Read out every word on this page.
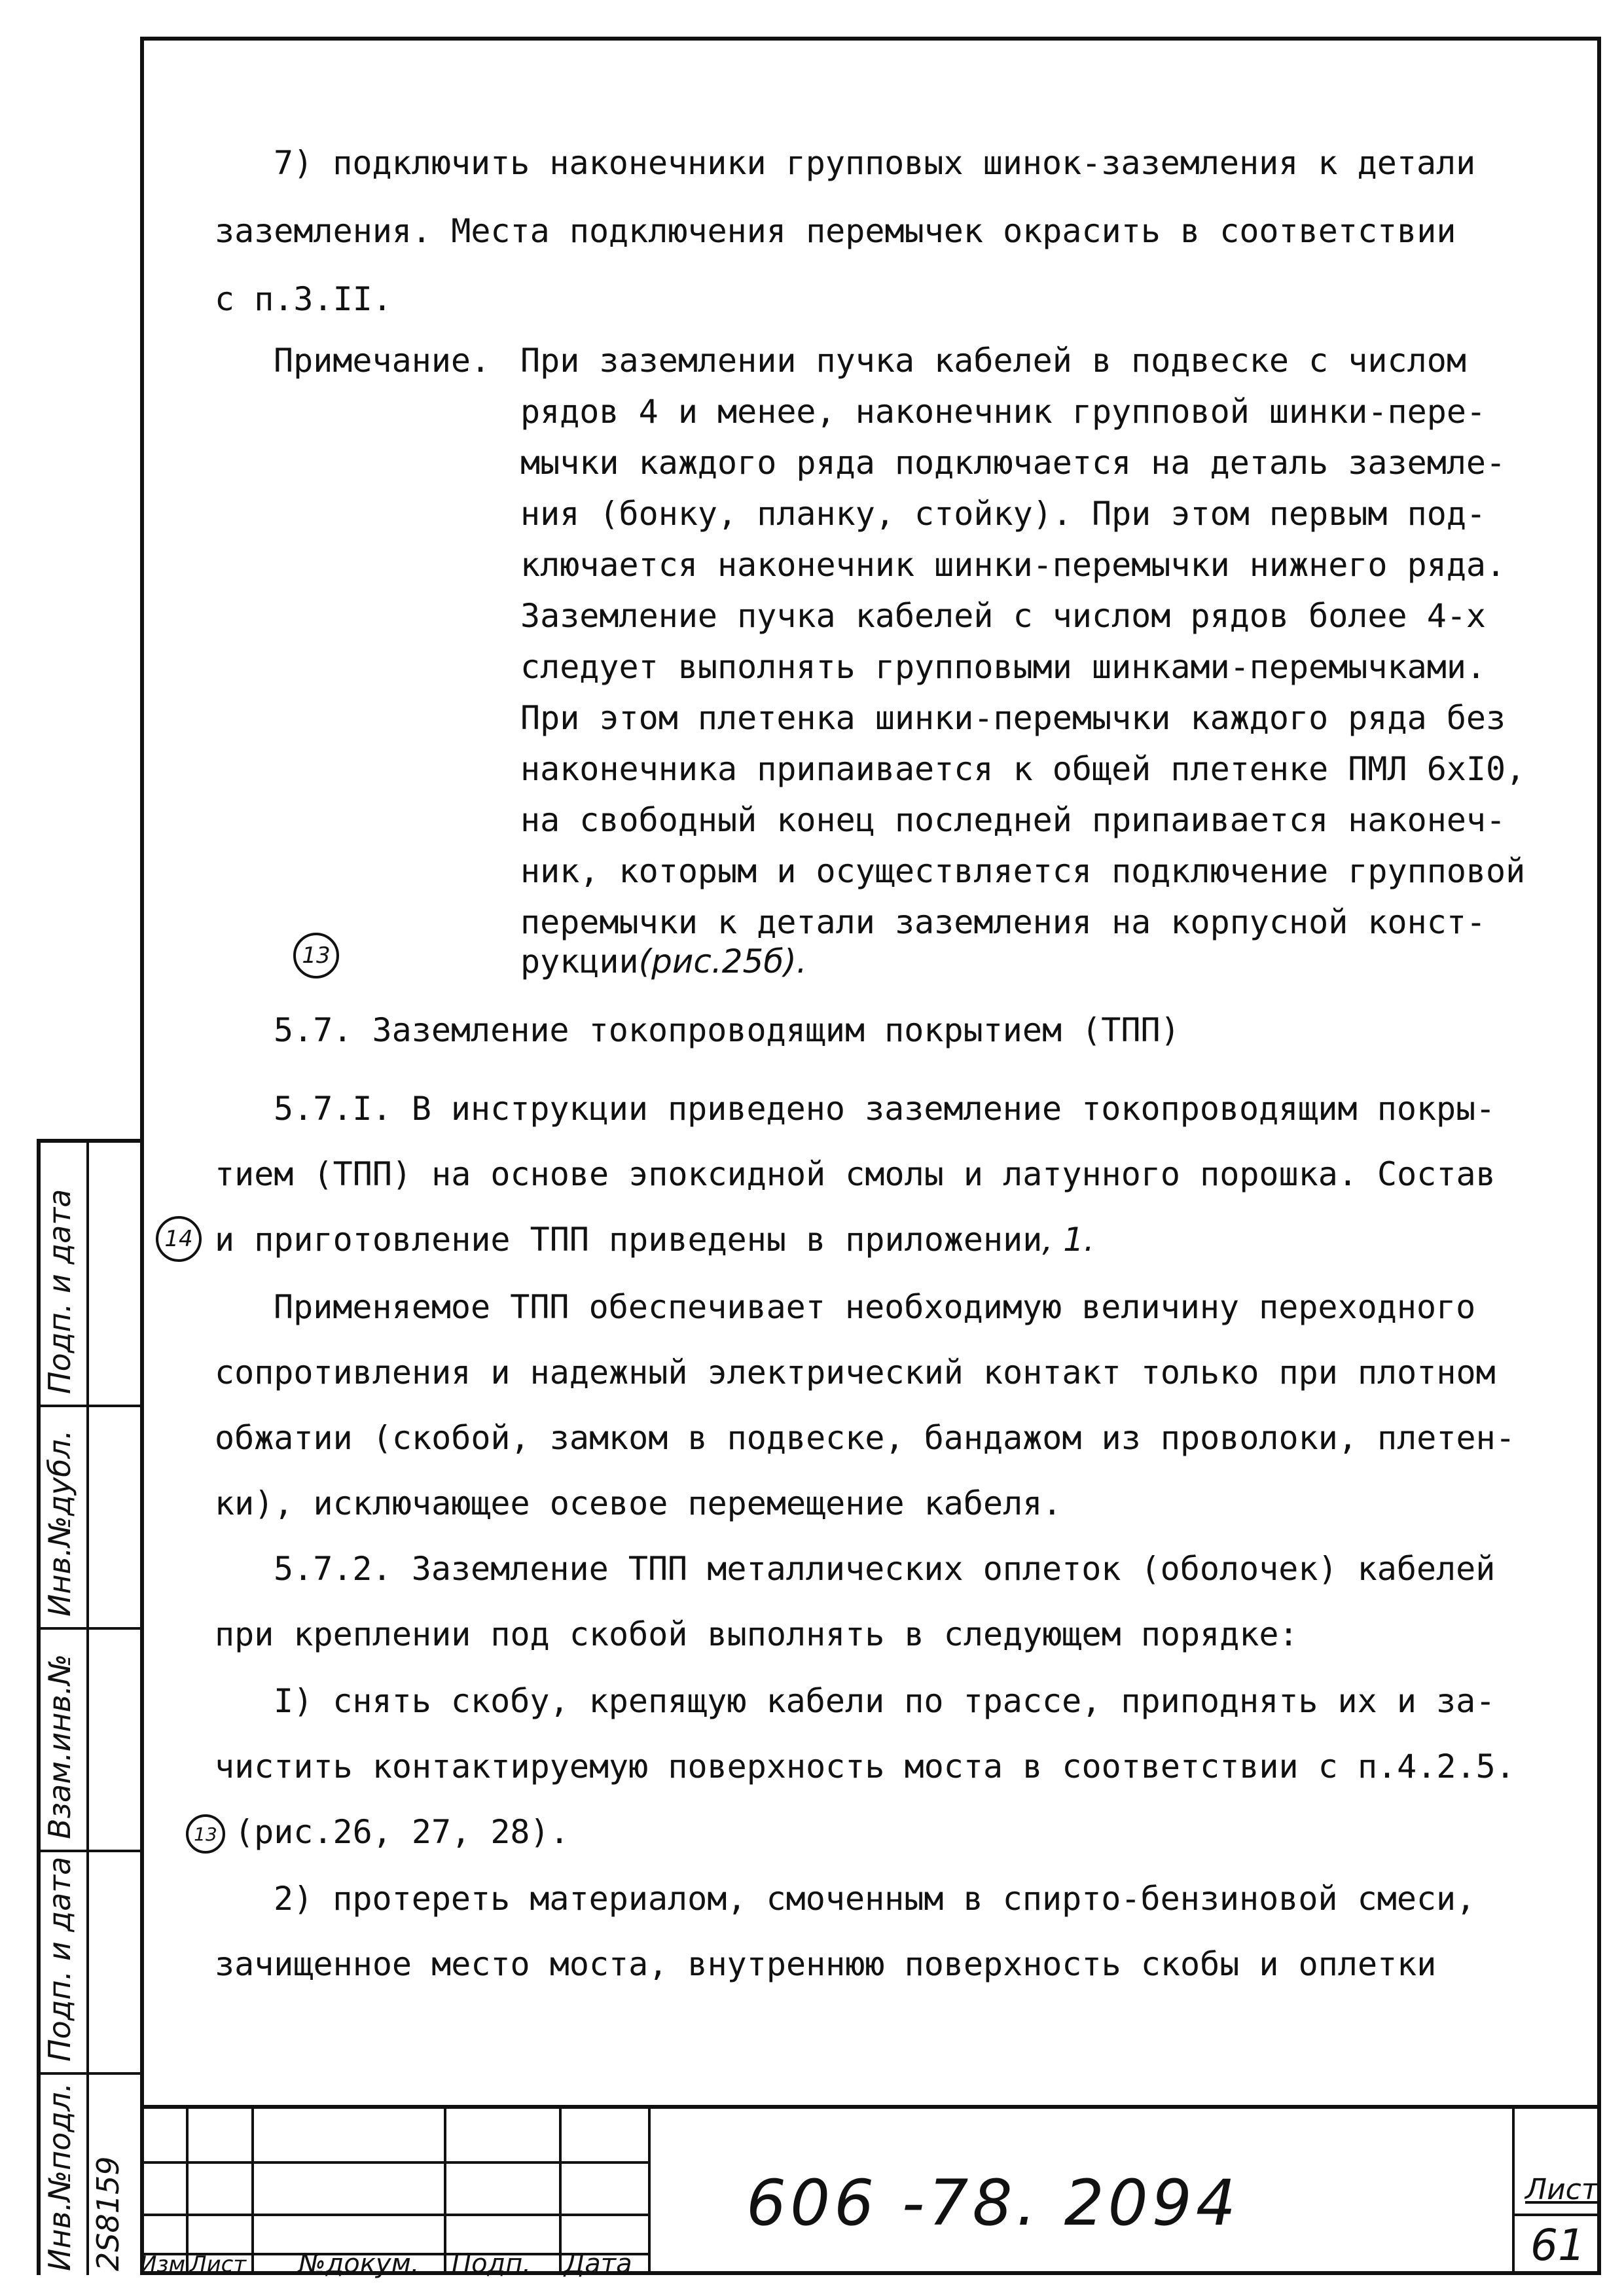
7) подключить наконечники групповых шинок-заземления к детали
заземления. Места подключения перемычек окрасить в соответствии
с п.3.II.
Примечание. При заземлении пучка кабелей в подвеске с числом
рядов 4 и менее, наконечник групповой шинки-пере-
мычки каждого ряда подключается на деталь заземле-
ния (бонку, планку, стойку). При этом первым под-
ключается наконечник шинки-перемычки нижнего ряда.
Заземление пучка кабелей с числом рядов более 4-х
следует выполнять групповыми шинками-перемычками.
При этом плетенка шинки-перемычки каждого ряда без
наконечника припаивается к общей плетенке ПМЛ 6хI0,
на свободный конец последней припаивается наконеч-
ник, которым и осуществляется подключение групповой
перемычки к детали заземления на корпусной конст-
рукции(рис.25б).
13
5.7. Заземление токопроводящим покрытием (ТПП)
5.7.I. В инструкции приведено заземление токопроводящим покры-
тием (ТПП) на основе эпоксидной смолы и латунного порошка. Состав
и приготовление ТПП приведены в приложении, 1.
14
Применяемое ТПП обеспечивает необходимую величину переходного
сопротивления и надежный электрический контакт только при плотном
обжатии (скобой, замком в подвеске, бандажом из проволоки, плетен-
ки), исключающее осевое перемещение кабеля.
5.7.2. Заземление ТПП металлических оплеток (оболочек) кабелей
при креплении под скобой выполнять в следующем порядке:
I) снять скобу, крепящую кабели по трассе, приподнять их и за-
чистить контактируемую поверхность моста в соответствии с п.4.2.5.
(рис.26, 27, 28).
13
2) протереть материалом, смоченным в спирто-бензиновой смеси,
зачищенное место моста, внутреннюю поверхность скобы и оплетки
Подп. и дата
Инв.№дубл.
Взам.инв.№
Подп. и дата
Инв.№подл. 2Ѕ8159 Изм Лист №докум. Подп. Дата
606 -78. 2094	Лист
61
